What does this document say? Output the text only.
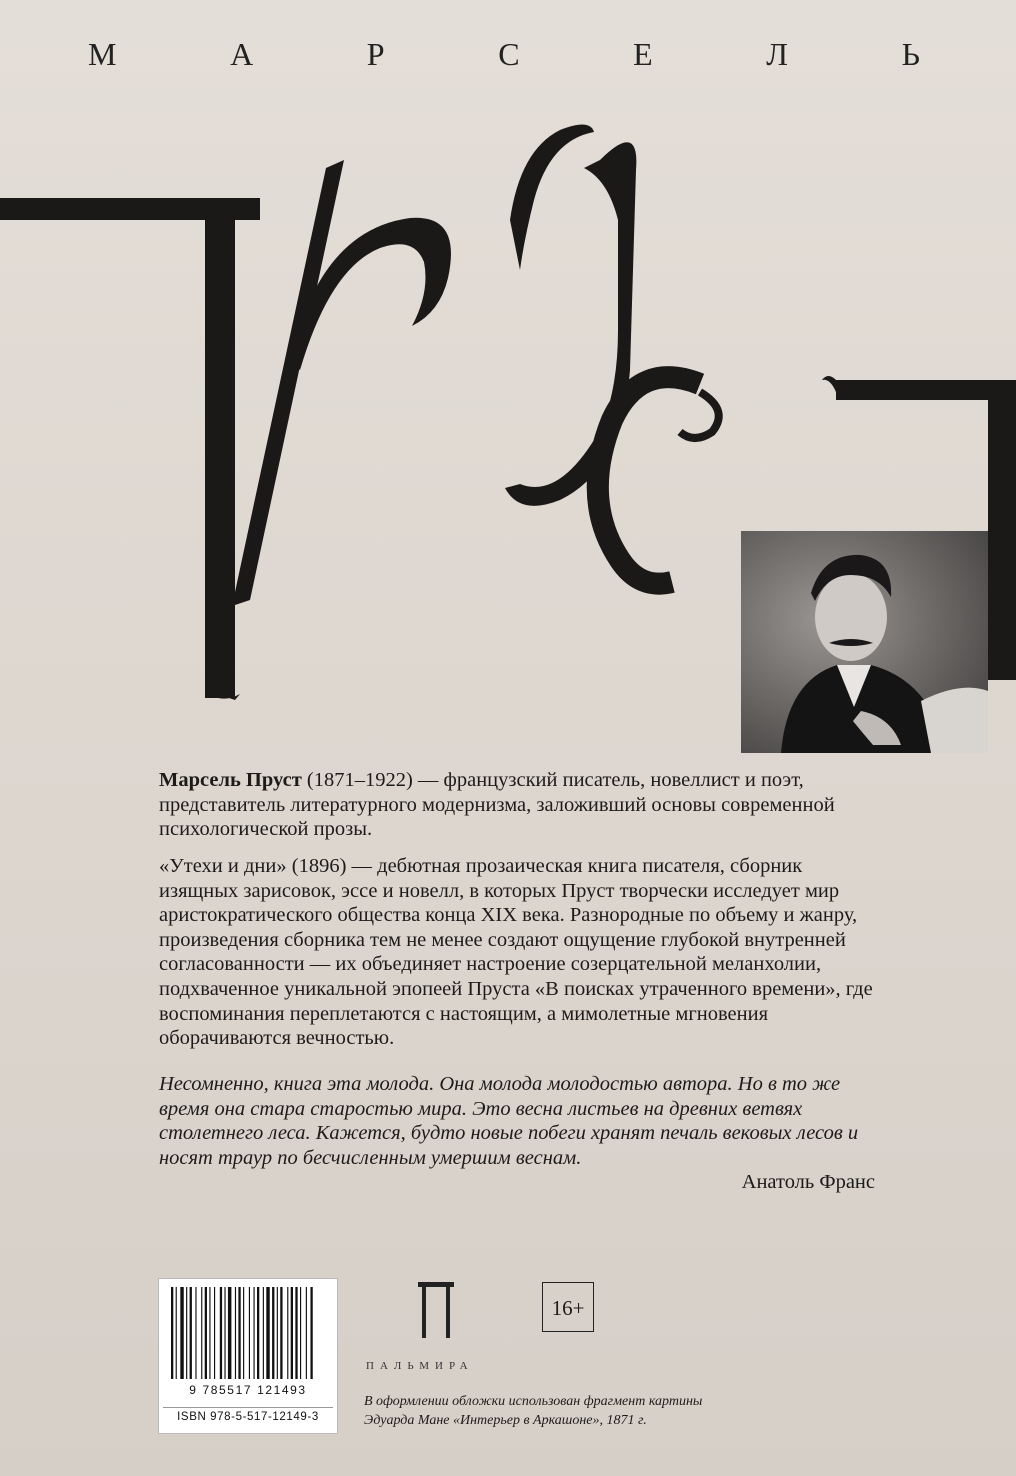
М	А	Р	С	Е	Л	Ь
Марсель Пруст (1871–1922) — французский писатель, новеллист и поэт, представитель литературного модернизма, заложивший основы современной психологической прозы.
«Утехи и дни» (1896) — дебютная прозаическая книга писателя, сборник изящных зарисовок, эссе и новелл, в которых Пруст творчески исследует мир аристократического общества конца XIX века. Разнородные по объему и жанру, произведения сборника тем не менее создают ощущение глубокой внутренней согласованности — их объединяет настроение созерцательной меланхолии, подхваченное уникальной эпопеей Пруста «В поисках утраченного времени», где воспоминания переплетаются с настоящим, а мимолетные мгновения оборачиваются вечностью.
Несомненно, книга эта молода. Она молода молодостью автора. Но в то же время она стара старостью мира. Это весна листьев на древних ветвях столетнего леса. Кажется, будто новые побеги хранят печаль вековых лесов и носят траур по бесчисленным умершим веснам.
Анатоль Франс
9 785517 121493
ISBN 978-5-517-12149-3
ПАЛЬМИРА
16+
В оформлении обложки использован фрагмент картины
Эдуарда Мане «Интерьер в Аркашоне», 1871 г.
